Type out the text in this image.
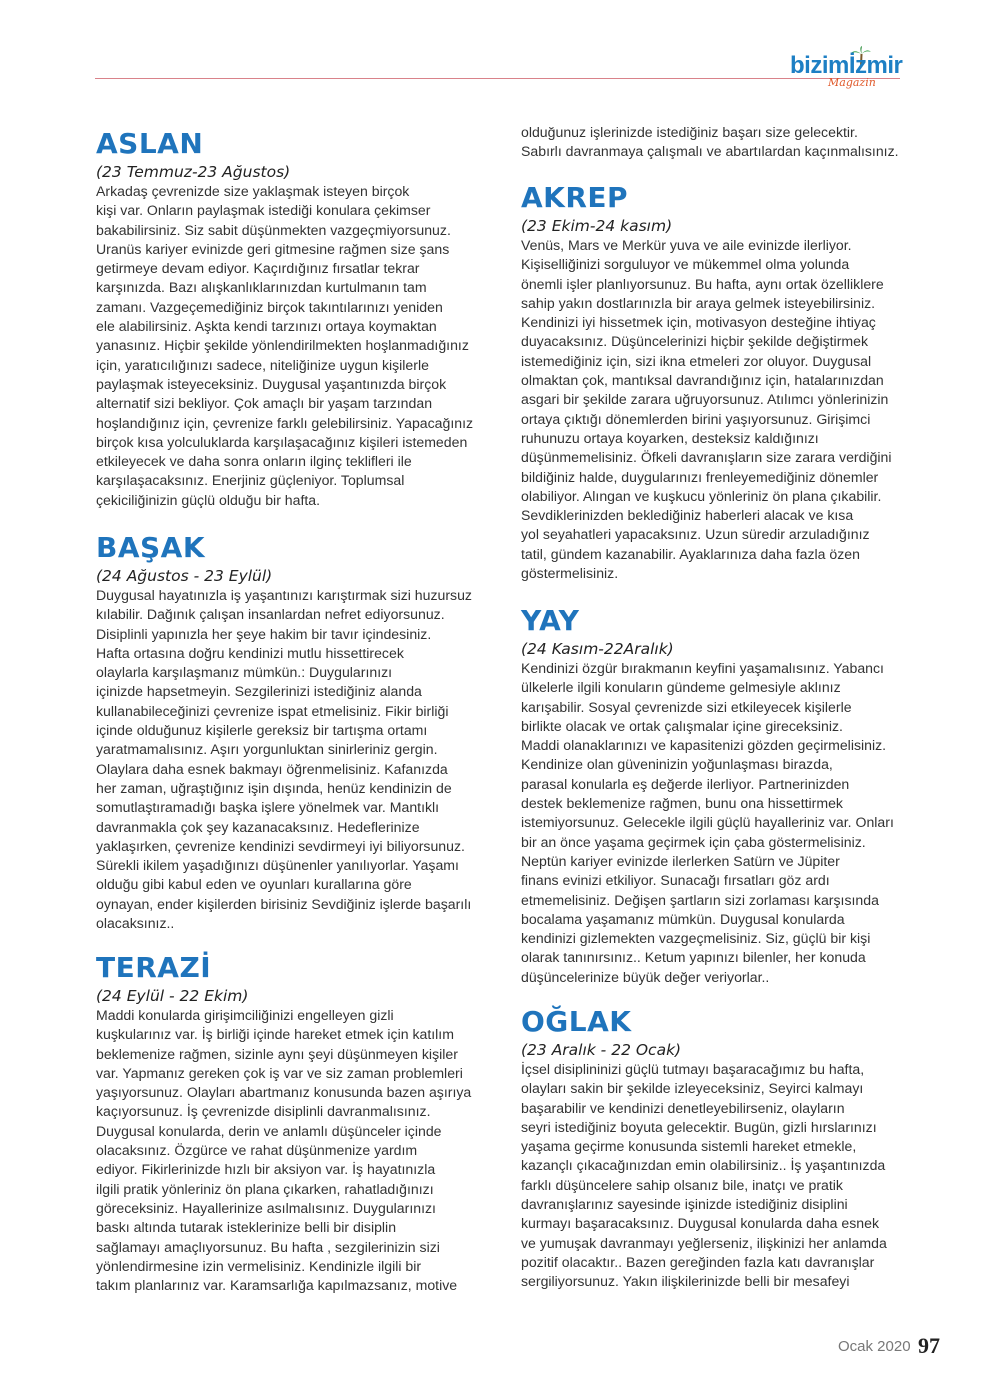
bizimİzmir
Magazin
ASLAN

(23 Temmuz-23 Ağustos)

Arkadaş çevrenizde size yaklaşmak isteyen birçok
kişi var. Onların paylaşmak istediği konulara çekimser
bakabilirsiniz. Siz sabit düşünmekten vazgeçmiyorsunuz.
Uranüs kariyer evinizde geri gitmesine rağmen size şans
getirmeye devam ediyor. Kaçırdığınız fırsatlar tekrar
karşınızda. Bazı alışkanlıklarınızdan kurtulmanın tam
zamanı. Vazgeçemediğiniz birçok takıntılarınızı yeniden
ele alabilirsiniz. Aşkta kendi tarzınızı ortaya koymaktan
yanasınız. Hiçbir şekilde yönlendirilmekten hoşlanmadığınız
için, yaratıcılığınızı sadece, niteliğinize uygun kişilerle
paylaşmak isteyeceksiniz. Duygusal yaşantınızda birçok
alternatif sizi bekliyor. Çok amaçlı bir yaşam tarzından
hoşlandığınız için, çevrenize farklı gelebilirsiniz. Yapacağınız
birçok kısa yolculuklarda karşılaşacağınız kişileri istemeden
etkileyecek ve daha sonra onların ilginç teklifleri ile
karşılaşacaksınız. Enerjiniz güçleniyor. Toplumsal
çekiciliğinizin güçlü olduğu bir hafta.

BAŞAK

(24 Ağustos - 23 Eylül)

Duygusal hayatınızla iş yaşantınızı karıştırmak sizi huzursuz
kılabilir. Dağınık çalışan insanlardan nefret ediyorsunuz.
Disiplinli yapınızla her şeye hakim bir tavır içindesiniz.
Hafta ortasına doğru kendinizi mutlu hissettirecek
olaylarla karşılaşmanız mümkün.: Duygularınızı
içinizde hapsetmeyin. Sezgilerinizi istediğiniz alanda
kullanabileceğinizi çevrenize ispat etmelisiniz. Fikir birliği
içinde olduğunuz kişilerle gereksiz bir tartışma ortamı
yaratmamalısınız. Aşırı yorgunluktan sinirleriniz gergin.
Olaylara daha esnek bakmayı öğrenmelisiniz. Kafanızda
her zaman, uğraştığınız işin dışında, henüz kendinizin de
somutlaştıramadığı başka işlere yönelmek var. Mantıklı
davranmakla çok şey kazanacaksınız. Hedeflerinize
yaklaşırken, çevrenize kendinizi sevdirmeyi iyi biliyorsunuz.
Sürekli ikilem yaşadığınızı düşünenler yanılıyorlar. Yaşamı
olduğu gibi kabul eden ve oyunları kurallarına göre
oynayan, ender kişilerden birisiniz Sevdiğiniz işlerde başarılı
olacaksınız..

TERAZİ

(24 Eylül - 22 Ekim)

Maddi konularda girişimciliğinizi engelleyen gizli
kuşkularınız var. İş birliği içinde hareket etmek için katılım
beklemenize rağmen, sizinle aynı şeyi düşünmeyen kişiler
var. Yapmanız gereken çok iş var ve siz zaman problemleri
yaşıyorsunuz. Olayları abartmanız konusunda bazen aşırıya
kaçıyorsunuz. İş çevrenizde disiplinli davranmalısınız.
Duygusal konularda, derin ve anlamlı düşünceler içinde
olacaksınız. Özgürce ve rahat düşünmenize yardım
ediyor. Fikirlerinizde hızlı bir aksiyon var. İş hayatınızla
ilgili pratik yönleriniz ön plana çıkarken, rahatladığınızı
göreceksiniz. Hayallerinize asılmalısınız. Duygularınızı
baskı altında tutarak isteklerinize belli bir disiplin
sağlamayı amaçlıyorsunuz. Bu hafta , sezgilerinizin sizi
yönlendirmesine izin vermelisiniz. Kendinizle ilgili bir
takım planlarınız var. Karamsarlığa kapılmazsanız, motive

olduğunuz işlerinizde istediğiniz başarı size gelecektir.
Sabırlı davranmaya çalışmalı ve abartılardan kaçınmalısınız.

AKREP

(23 Ekim-24 kasım)

Venüs, Mars ve Merkür yuva ve aile evinizde ilerliyor.
Kişiselliğinizi sorguluyor ve mükemmel olma yolunda
önemli işler planlıyorsunuz. Bu hafta, aynı ortak özelliklere
sahip yakın dostlarınızla bir araya gelmek isteyebilirsiniz.
Kendinizi iyi hissetmek için, motivasyon desteğine ihtiyaç
duyacaksınız. Düşüncelerinizi hiçbir şekilde değiştirmek
istemediğiniz için, sizi ikna etmeleri zor oluyor. Duygusal
olmaktan çok, mantıksal davrandığınız için, hatalarınızdan
asgari bir şekilde zarara uğruyorsunuz. Atılımcı yönlerinizin
ortaya çıktığı dönemlerden birini yaşıyorsunuz. Girişimci
ruhunuzu ortaya koyarken, desteksiz kaldığınızı
düşünmemelisiniz. Öfkeli davranışların size zarara verdiğini
bildiğiniz halde, duygularınızı frenleyemediğiniz dönemler
olabiliyor. Alıngan ve kuşkucu yönleriniz ön plana çıkabilir.
Sevdiklerinizden beklediğiniz haberleri alacak ve kısa
yol seyahatleri yapacaksınız. Uzun süredir arzuladığınız
tatil, gündem kazanabilir. Ayaklarınıza daha fazla özen
göstermelisiniz.

YAY

(24 Kasım-22Aralık)

Kendinizi özgür bırakmanın keyfini yaşamalısınız. Yabancı
ülkelerle ilgili konuların gündeme gelmesiyle aklınız
karışabilir. Sosyal çevrenizde sizi etkileyecek kişilerle
birlikte olacak ve ortak çalışmalar içine gireceksiniz.
Maddi olanaklarınızı ve kapasitenizi gözden geçirmelisiniz.
Kendinize olan güveninizin yoğunlaşması birazda,
parasal konularla eş değerde ilerliyor. Partnerinizden
destek beklemenize rağmen, bunu ona hissettirmek
istemiyorsunuz. Gelecekle ilgili güçlü hayalleriniz var. Onları
bir an önce yaşama geçirmek için çaba göstermelisiniz.
Neptün kariyer evinizde ilerlerken Satürn ve Jüpiter
finans evinizi etkiliyor. Sunacağı fırsatları göz ardı
etmemelisiniz. Değişen şartların sizi zorlaması karşısında
bocalama yaşamanız mümkün. Duygusal konularda
kendinizi gizlemekten vazgeçmelisiniz. Siz, güçlü bir kişi
olarak tanınırsınız.. Ketum yapınızı bilenler, her konuda
düşüncelerinize büyük değer veriyorlar..

OĞLAK

(23 Aralık - 22 Ocak)

İçsel disiplininizi güçlü tutmayı başaracağımız bu hafta,
olayları sakin bir şekilde izleyeceksiniz, Seyirci kalmayı
başarabilir ve kendinizi denetleyebilirseniz, olayların
seyri istediğiniz boyuta gelecektir. Bugün, gizli hırslarınızı
yaşama geçirme konusunda sistemli hareket etmekle,
kazançlı çıkacağınızdan emin olabilirsiniz.. İş yaşantınızda
farklı düşüncelere sahip olsanız bile, inatçı ve pratik
davranışlarınız sayesinde işinizde istediğiniz disiplini
kurmayı başaracaksınız. Duygusal konularda daha esnek
ve yumuşak davranmayı yeğlerseniz, ilişkinizi her anlamda
pozitif olacaktır.. Bazen gereğinden fazla katı davranışlar
sergiliyorsunuz. Yakın ilişkilerinizde belli bir mesafeyi

Ocak 2020 97
